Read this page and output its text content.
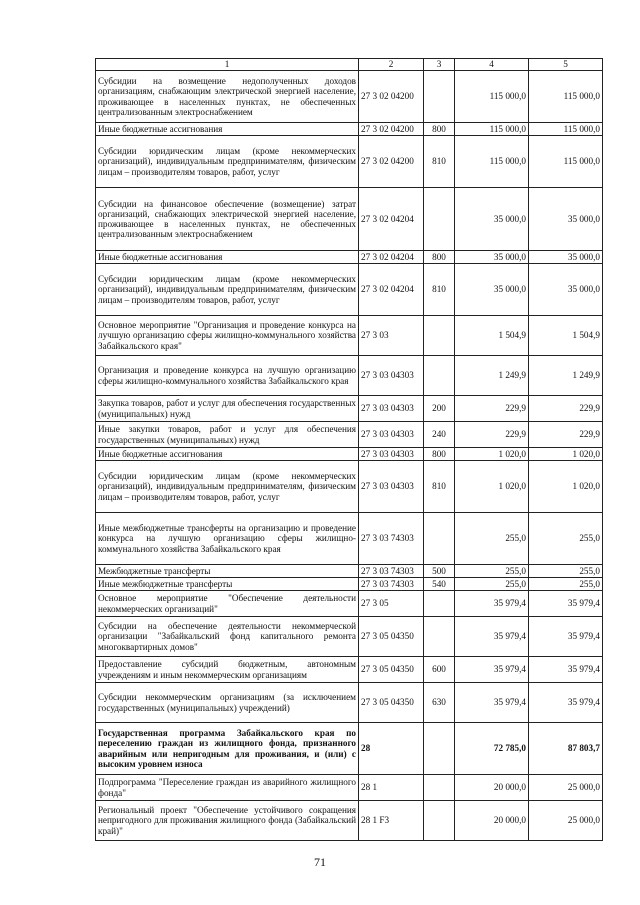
1	2	3	4	5
Субсидии на возмещение недополученных доходов организациям, снабжающим электрической энергией население, проживающее в населенных пунктах, не обеспеченных централизованным электроснабжением	27 3 02 04200		115 000,0	115 000,0
Иные бюджетные ассигнования	27 3 02 04200	800	115 000,0	115 000,0
Субсидии юридическим лицам (кроме некоммерческих организаций), индивидуальным предпринимателям, физическим лицам – производителям товаров, работ, услуг	27 3 02 04200	810	115 000,0	115 000,0
Субсидии на финансовое обеспечение (возмещение) затрат организаций, снабжающих электрической энергией население, проживающее в населенных пунктах, не обеспеченных централизованным электроснабжением	27 3 02 04204		35 000,0	35 000,0
Иные бюджетные ассигнования	27 3 02 04204	800	35 000,0	35 000,0
Субсидии юридическим лицам (кроме некоммерческих организаций), индивидуальным предпринимателям, физическим лицам – производителям товаров, работ, услуг	27 3 02 04204	810	35 000,0	35 000,0
Основное мероприятие "Организация и проведение конкурса на лучшую организацию сферы жилищно-коммунального хозяйства Забайкальского края"	27 3 03		1 504,9	1 504,9
Организация и проведение конкурса на лучшую организацию сферы жилищно-коммунального хозяйства Забайкальского края	27 3 03 04303		1 249,9	1 249,9
Закупка товаров, работ и услуг для обеспечения государственных (муниципальных) нужд	27 3 03 04303	200	229,9	229,9
Иные закупки товаров, работ и услуг для обеспечения государственных (муниципальных) нужд	27 3 03 04303	240	229,9	229,9
Иные бюджетные ассигнования	27 3 03 04303	800	1 020,0	1 020,0
Субсидии юридическим лицам (кроме некоммерческих организаций), индивидуальным предпринимателям, физическим лицам – производителям товаров, работ, услуг	27 3 03 04303	810	1 020,0	1 020,0
Иные межбюджетные трансферты на организацию и проведение конкурса на лучшую организацию сферы жилищно-коммунального хозяйства Забайкальского края	27 3 03 74303		255,0	255,0
Межбюджетные трансферты	27 3 03 74303	500	255,0	255,0
Иные межбюджетные трансферты	27 3 03 74303	540	255,0	255,0
Основное мероприятие "Обеспечение деятельности некоммерческих организаций"	27 3 05		35 979,4	35 979,4
Субсидии на обеспечение деятельности некоммерческой организации "Забайкальский фонд капитального ремонта многоквартирных домов"	27 3 05 04350		35 979,4	35 979,4
Предоставление субсидий бюджетным, автономным учреждениям и иным некоммерческим организациям	27 3 05 04350	600	35 979,4	35 979,4
Субсидии некоммерческим организациям (за исключением государственных (муниципальных) учреждений)	27 3 05 04350	630	35 979,4	35 979,4
Государственная программа Забайкальского края по переселению граждан из жилищного фонда, признанного аварийным или непригодным для проживания, и (или) с высоким уровнем износа	28		72 785,0	87 803,7
Подпрограмма "Переселение граждан из аварийного жилищного фонда"	28 1		20 000,0	25 000,0
Региональный проект "Обеспечение устойчивого сокращения непригодного для проживания жилищного фонда (Забайкальский край)"	28 1 F3		20 000,0	25 000,0
71
